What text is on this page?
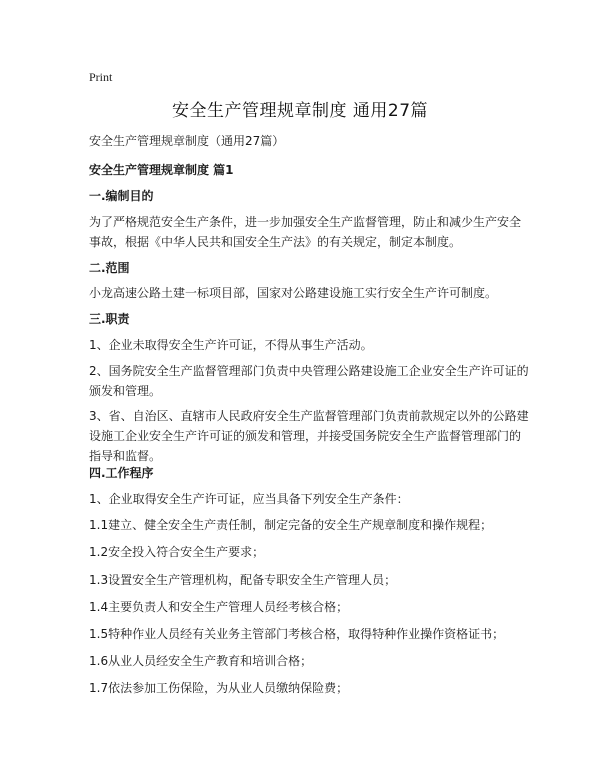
Print
安全生产管理规章制度 通用27篇
安全生产管理规章制度（通用27篇）
安全生产管理规章制度 篇1
一.编制目的
为了严格规范安全生产条件，进一步加强安全生产监督管理，防止和减少生产安全事故，根据《中华人民共和国安全生产法》的有关规定，制定本制度。
二.范围
小龙高速公路土建一标项目部，国家对公路建设施工实行安全生产许可制度。
三.职责
1、企业未取得安全生产许可证，不得从事生产活动。
2、国务院安全生产监督管理部门负责中央管理公路建设施工企业安全生产许可证的颁发和管理。
3、省、自治区、直辖市人民政府安全生产监督管理部门负责前款规定以外的公路建设施工企业安全生产许可证的颁发和管理，并接受国务院安全生产监督管理部门的指导和监督。
四.工作程序
1、企业取得安全生产许可证，应当具备下列安全生产条件：
1.1建立、健全安全生产责任制，制定完备的安全生产规章制度和操作规程；
1.2安全投入符合安全生产要求；
1.3设置安全生产管理机构，配备专职安全生产管理人员；
1.4主要负责人和安全生产管理人员经考核合格；
1.5特种作业人员经有关业务主管部门考核合格，取得特种作业操作资格证书；
1.6从业人员经安全生产教育和培训合格；
1.7依法参加工伤保险，为从业人员缴纳保险费；
